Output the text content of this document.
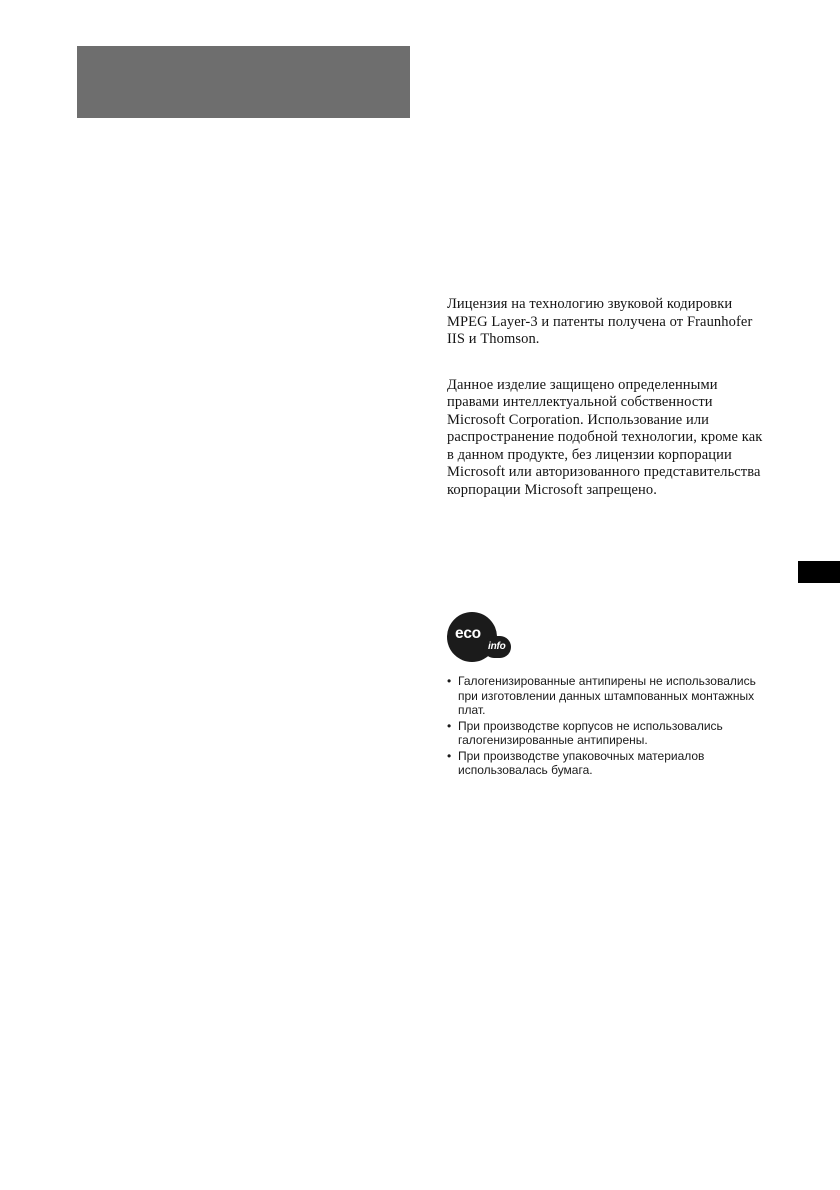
Лицензия на технологию звуковой кодировки MPEG Layer-3 и патенты получена от Fraunhofer IIS и Thomson.

Данное изделие защищено определенными правами интеллектуальной собственности Microsoft Corporation. Использование или распространение подобной технологии, кроме как в данном продукте, без лицензии корпорации Microsoft или авторизованного представительства корпорации Microsoft запрещено.

eco
info
• Галогенизированные антипирены не использовались при изготовлении данных штампованных монтажных плат.
• При производстве корпусов не использовались галогенизированные антипирены.
• При производстве упаковочных материалов использовалась бумага.
